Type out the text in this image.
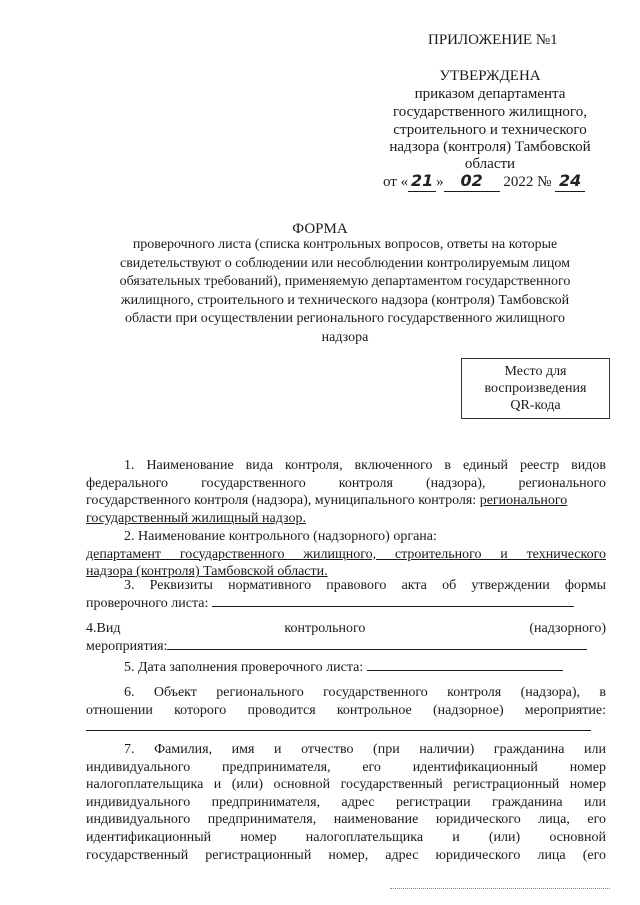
ПРИЛОЖЕНИЕ №1
УТВЕРЖДЕНА
приказом департамента
государственного жилищного,
строительного и технического
надзора (контроля) Тамбовской
области
от « 21 » 02 2022 № 24
ФОРМА
проверочного листа (списка контрольных вопросов, ответы на которые
свидетельствуют о соблюдении или несоблюдении контролируемым лицом
обязательных требований), применяемую департаментом государственного
жилищного, строительного и технического надзора (контроля) Тамбовской
области при осуществлении регионального государственного жилищного
надзора
Место для
воспроизведения
QR-кода
1. Наименование вида контроля, включенного в единый реестр видов
федерального государственного контроля (надзора), регионального
государственного контроля (надзора), муниципального контроля: регионального
государственный жилищный надзор.
2. Наименование контрольного (надзорного) органа:
департамент государственного жилищного, строительного и технического
надзора (контроля) Тамбовской области.
3. Реквизиты нормативного правового акта об утверждении формы
проверочного листа:
4.Вид контрольного (надзорного)
мероприятия:
5. Дата заполнения проверочного листа:
6. Объект регионального государственного контроля (надзора), в
отношении которого проводится контрольное (надзорное) мероприятие:
7. Фамилия, имя и отчество (при наличии) гражданина или
индивидуального предпринимателя, его идентификационный номер
налогоплательщика и (или) основной государственный регистрационный номер
индивидуального предпринимателя, адрес регистрации гражданина или
индивидуального предпринимателя, наименование юридического лица, его
идентификационный номер налогоплательщика и (или) основной
государственный регистрационный номер, адрес юридического лица (его
